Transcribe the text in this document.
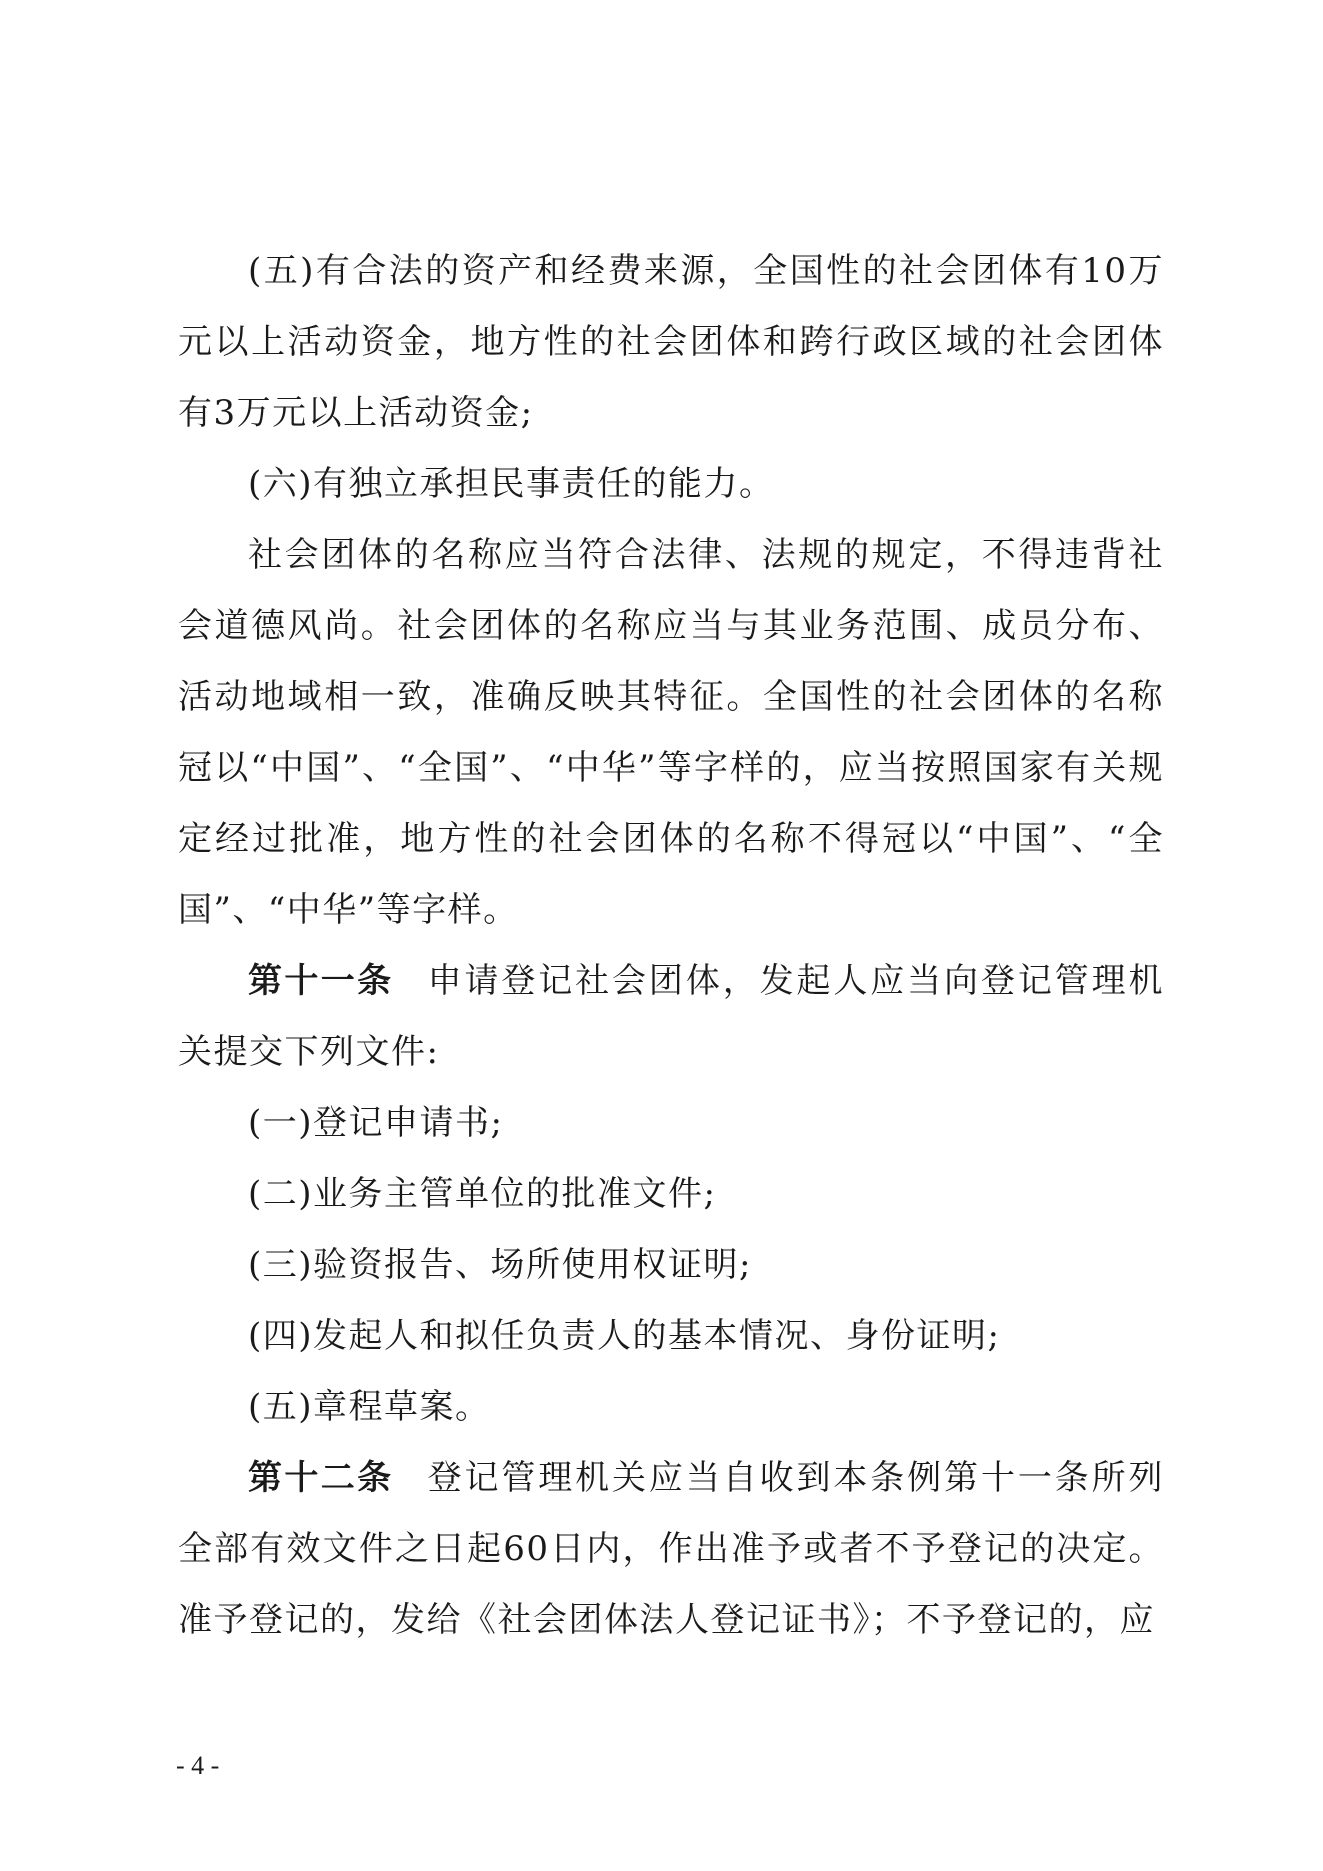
(五)有合法的资产和经费来源，全国性的社会团体有10万元以上活动资金，地方性的社会团体和跨行政区域的社会团体有3万元以上活动资金;

(六)有独立承担民事责任的能力。

社会团体的名称应当符合法律、法规的规定，不得违背社会道德风尚。社会团体的名称应当与其业务范围、成员分布、活动地域相一致，准确反映其特征。全国性的社会团体的名称冠以“中国”、“全国”、“中华”等字样的，应当按照国家有关规定经过批准，地方性的社会团体的名称不得冠以“中国”、“全国”、“中华”等字样。

第十一条 申请登记社会团体，发起人应当向登记管理机关提交下列文件:

(一)登记申请书;

(二)业务主管单位的批准文件;

(三)验资报告、场所使用权证明;

(四)发起人和拟任负责人的基本情况、身份证明;

(五)章程草案。

第十二条 登记管理机关应当自收到本条例第十一条所列全部有效文件之日起60日内，作出准予或者不予登记的决定。准予登记的，发给《社会团体法人登记证书》；不予登记的，应

- 4 -
